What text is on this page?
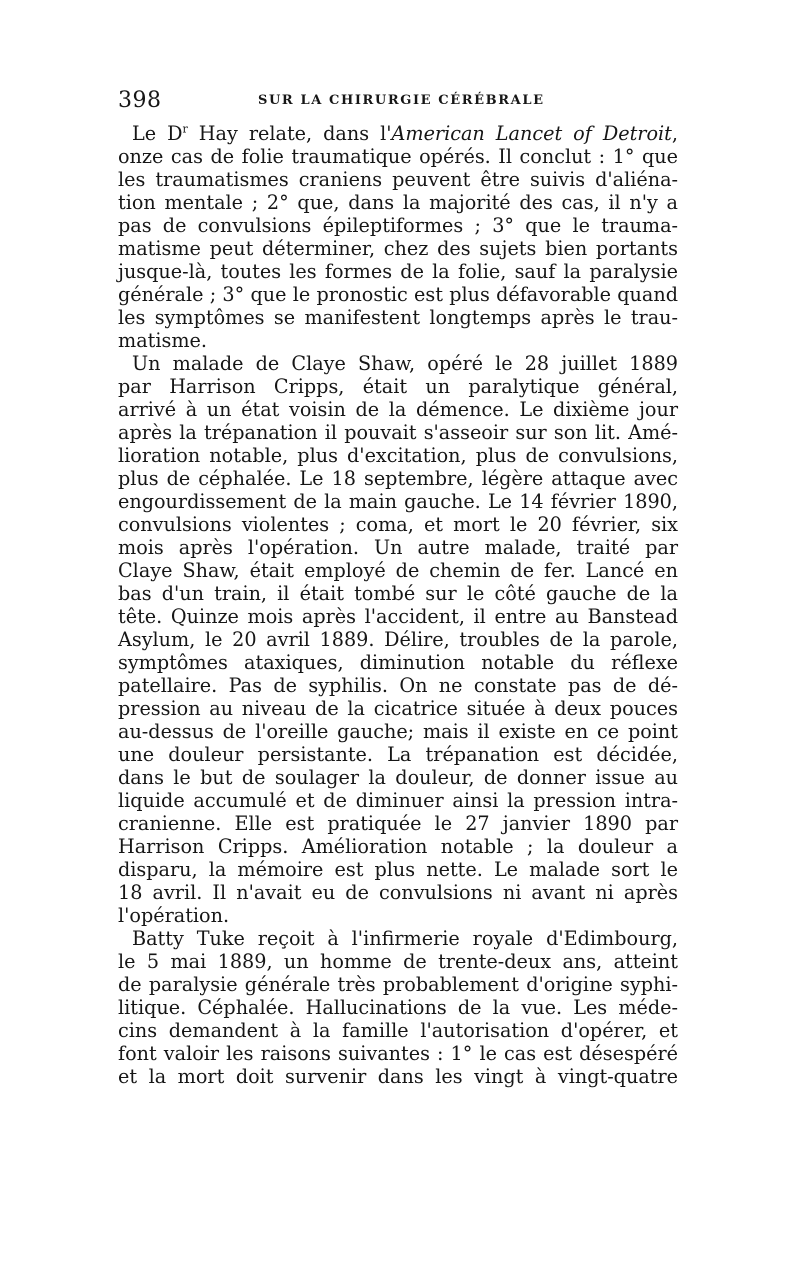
398	SUR LA CHIRURGIE CÉRÉBRALE
Le $D^r$ Hay relate, dans l'American Lancet of Detroit,
onze cas de folie traumatique opérés. Il conclut : 1° que
les traumatismes craniens peuvent être suivis d'aliéna-
tion mentale ; 2° que, dans la majorité des cas, il n'y a
pas de convulsions épileptiformes ; 3° que le trauma-
matisme peut déterminer, chez des sujets bien portants
jusque-là, toutes les formes de la folie, sauf la paralysie
générale ; 3° que le pronostic est plus défavorable quand
les symptômes se manifestent longtemps après le trau-
matisme.
Un malade de Claye Shaw, opéré le 28 juillet 1889
par Harrison Cripps, était un paralytique général,
arrivé à un état voisin de la démence. Le dixième jour
après la trépanation il pouvait s'asseoir sur son lit. Amé-
lioration notable, plus d'excitation, plus de convulsions,
plus de céphalée. Le 18 septembre, légère attaque avec
engourdissement de la main gauche. Le 14 février 1890,
convulsions violentes ; coma, et mort le 20 février, six
mois après l'opération. Un autre malade, traité par
Claye Shaw, était employé de chemin de fer. Lancé en
bas d'un train, il était tombé sur le côté gauche de la
tête. Quinze mois après l'accident, il entre au Banstead
Asylum, le 20 avril 1889. Délire, troubles de la parole,
symptômes ataxiques, diminution notable du réflexe
patellaire. Pas de syphilis. On ne constate pas de dé-
pression au niveau de la cicatrice située à deux pouces
au-dessus de l'oreille gauche; mais il existe en ce point
une douleur persistante. La trépanation est décidée,
dans le but de soulager la douleur, de donner issue au
liquide accumulé et de diminuer ainsi la pression intra-
cranienne. Elle est pratiquée le 27 janvier 1890 par
Harrison Cripps. Amélioration notable ; la douleur a
disparu, la mémoire est plus nette. Le malade sort le
18 avril. Il n'avait eu de convulsions ni avant ni après
l'opération.
Batty Tuke reçoit à l'infirmerie royale d'Edimbourg,
le 5 mai 1889, un homme de trente-deux ans, atteint
de paralysie générale très probablement d'origine syphi-
litique. Céphalée. Hallucinations de la vue. Les méde-
cins demandent à la famille l'autorisation d'opérer, et
font valoir les raisons suivantes : 1° le cas est désespéré
et la mort doit survenir dans les vingt à vingt-quatre
